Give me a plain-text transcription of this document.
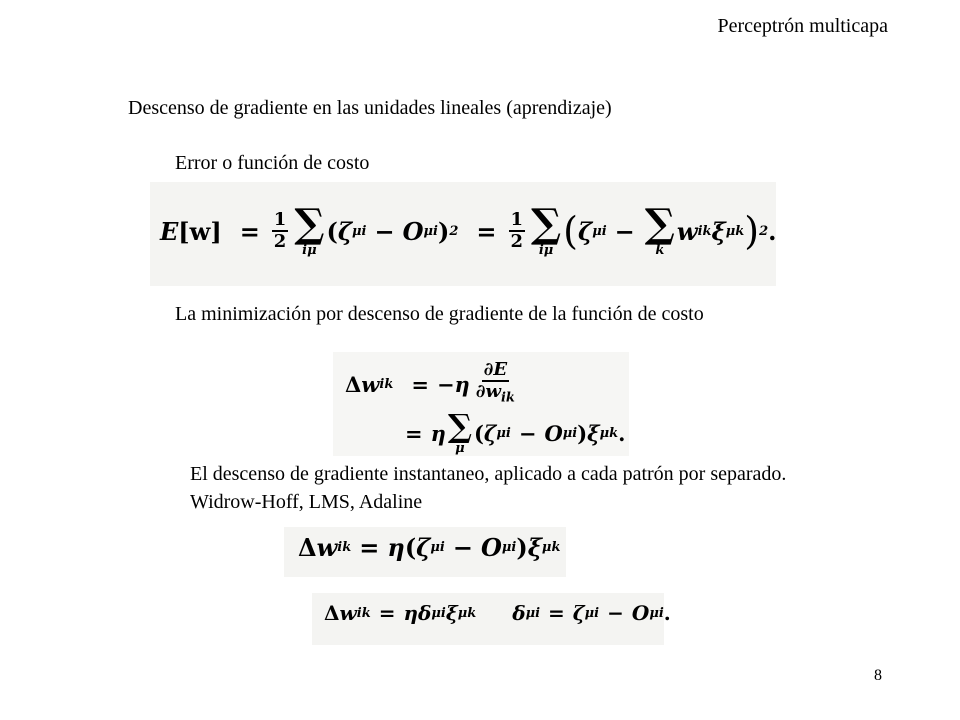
Perceptrón multicapa
Descenso de gradiente en las unidades lineales (aprendizaje)
Error o función de costo
E [ w ] = $\frac{1}{2}$ ∑
iμ
( ζ μ i − O μ i ) $2 = \frac{1}{2}$ ∑
iμ ( ζ μ i − ∑
k
w ik ξ μ k ) 2 .
La minimización por descenso de gradiente de la función de costo
Δ w ik = − η $\frac{\partial E}{\partial w_{ik}}$
= η ∑
μ
( ζ μ i − O μ i ) ξ μ k .
El descenso de gradiente instantaneo, aplicado a cada patrón por separado.
Widrow-Hoff, LMS, Adaline
Δ w ik = η ( ζ μ i − O μ i ) ξ μ k
Δ w ik = ηδ μ i ξ μ k δ μ i = ζ μ i − O μ i .
8
